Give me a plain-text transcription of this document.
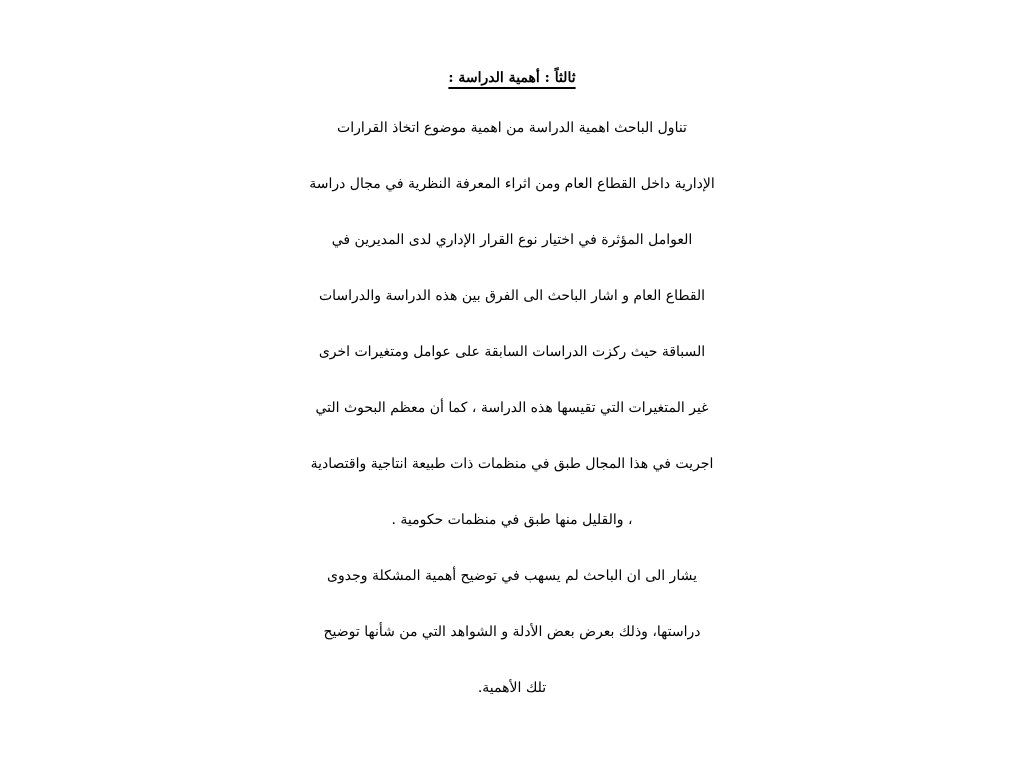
ثالثاً : أهمية الدراسة :

تناول الباحث اهمية الدراسة من اهمية موضوع اتخاذ القرارات

الإدارية داخل القطاع العام ومن اثراء المعرفة النظرية في مجال دراسة

العوامل المؤثرة في اختيار نوع القرار الإداري لدى المديرين في

القطاع العام و اشار الباحث الى الفرق بين هذه الدراسة والدراسات

السباقة حيث ركزت الدراسات السابقة على عوامل ومتغيرات اخرى

غير المتغيرات التي تقيسها هذه الدراسة ، كما أن معظم البحوث التي

اجريت في هذا المجال طبق في منظمات ذات طبيعة انتاجية واقتصادية

، والقليل منها طبق في منظمات حكومية .

يشار الى ان الباحث لم يسهب في توضيح أهمية المشكلة وجدوى

دراستها، وذلك بعرض بعض الأدلة و الشواهد التي من شأنها توضيح

تلك الأهمية.
